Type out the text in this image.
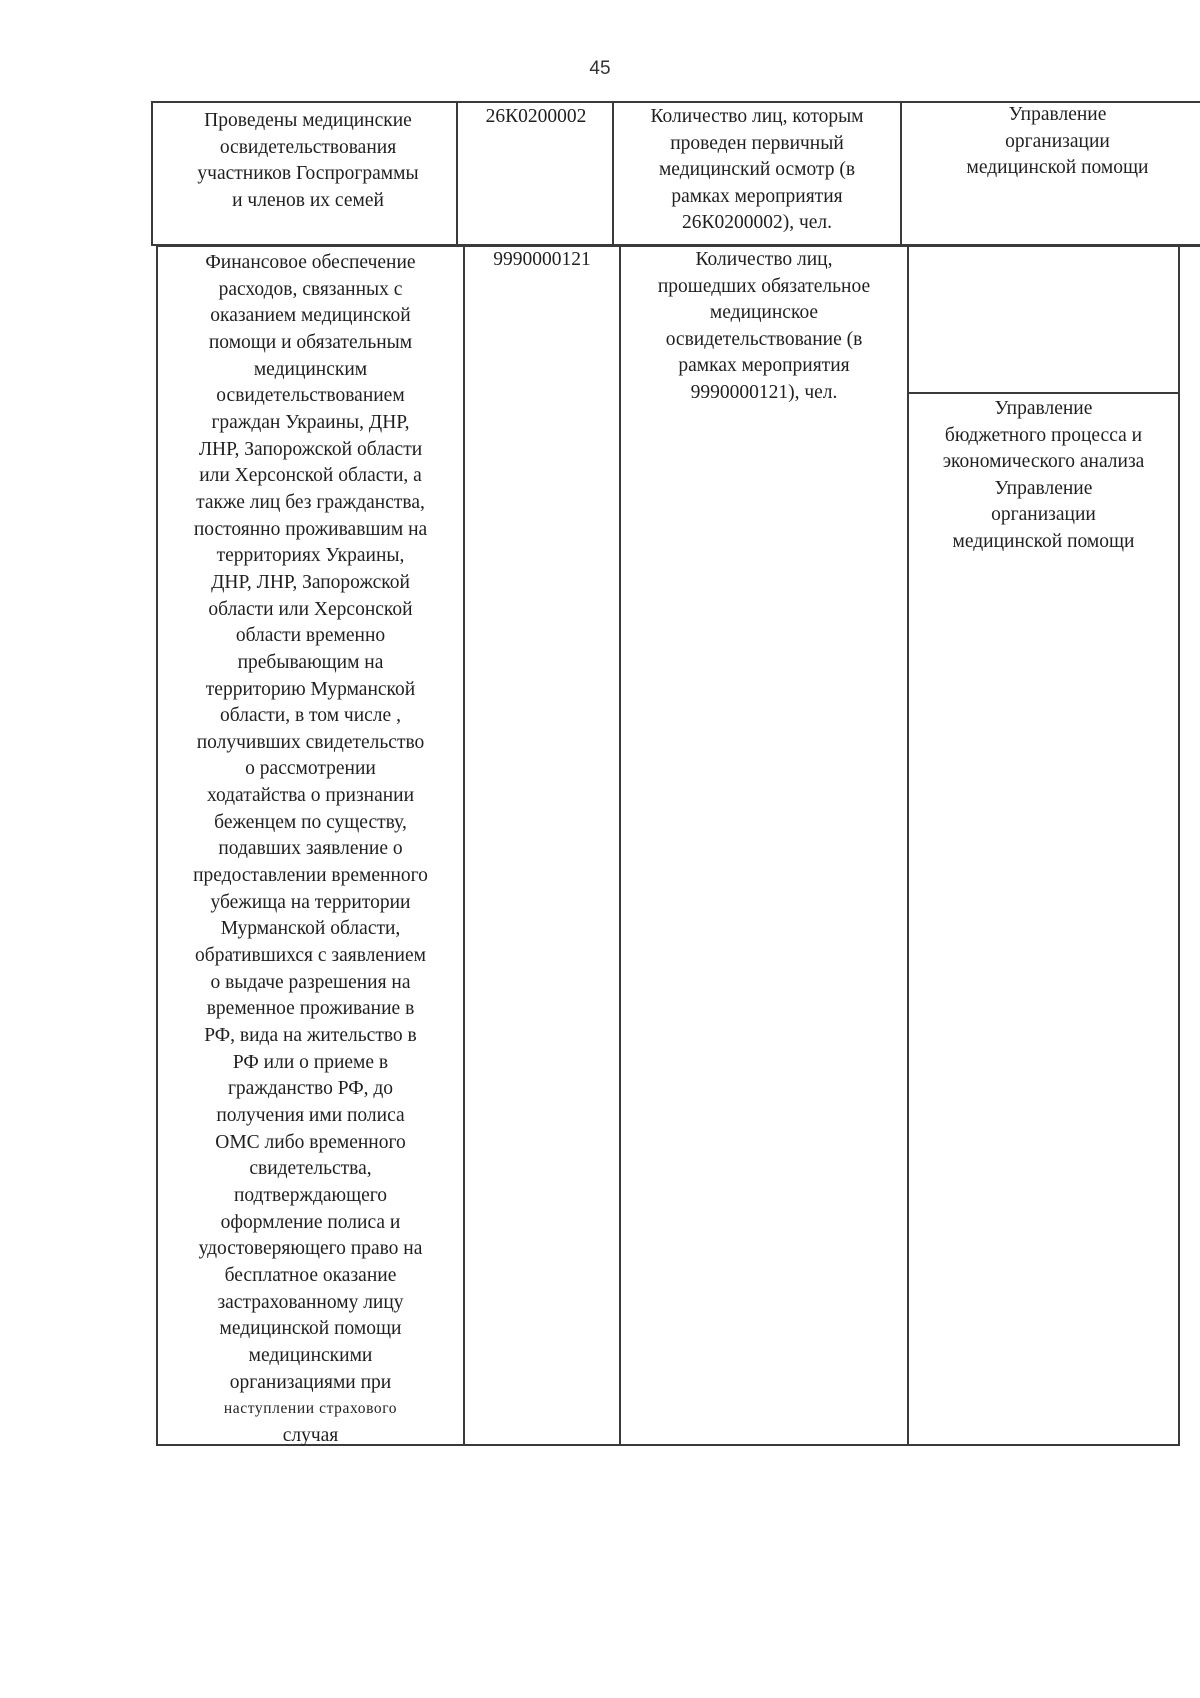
45
Проведены медицинские
освидетельствования
участников Госпрограммы
и членов их семей
26К0200002	Количество лиц, которым
проведен первичный
медицинский осмотр (в
рамках мероприятия
26К0200002), чел.
Управление
организации
медицинской помощи
Финансовое обеспечение
расходов, связанных с
оказанием медицинской
помощи и обязательным
медицинским
освидетельствованием
граждан Украины, ДНР,
ЛНР, Запорожской области
или Херсонской области, а
также лиц без гражданства,
постоянно проживавшим на
территориях Украины,
ДНР, ЛНР, Запорожской
области или Херсонской
области временно
пребывающим на
территорию Мурманской
области, в том числе ,
получивших свидетельство
о рассмотрении
ходатайства о признании
беженцем по существу,
подавших заявление о
предоставлении временного
убежища на территории
Мурманской области,
обратившихся с заявлением
о выдаче разрешения на
временное проживание в
РФ, вида на жительство в
РФ или о приеме в
гражданство РФ, до
получения ими полиса
ОМС либо временного
свидетельства,
подтверждающего
оформление полиса и
удостоверяющего право на
бесплатное оказание
застрахованному лицу
медицинской помощи
медицинскими
организациями при
наступлении страхового
случая
9990000121	Количество лиц,
прошедших обязательное
медицинское
освидетельствование (в
рамках мероприятия
9990000121), чел.
Управление
бюджетного процесса и
экономического анализа
Управление
организации
медицинской помощи
